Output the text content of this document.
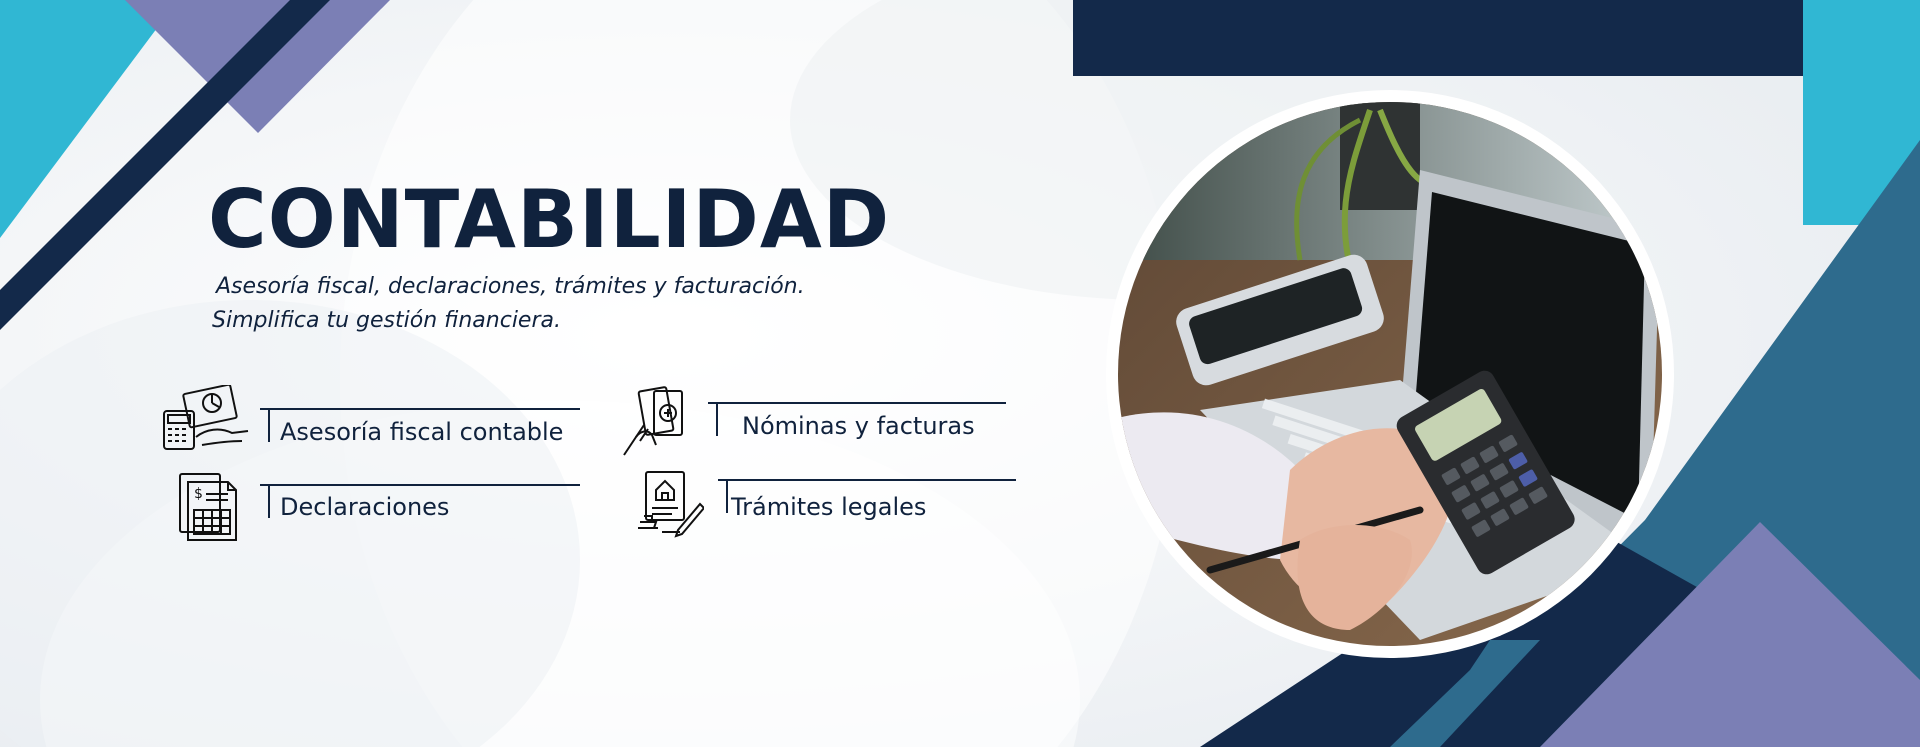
CONTABILIDAD

Asesoría fiscal, declaraciones, trámites y facturación.

Simplifica tu gestión financiera.

Asesoría fiscal contable	Nóminas y facturas

$	Declaraciones	Trámites legales
